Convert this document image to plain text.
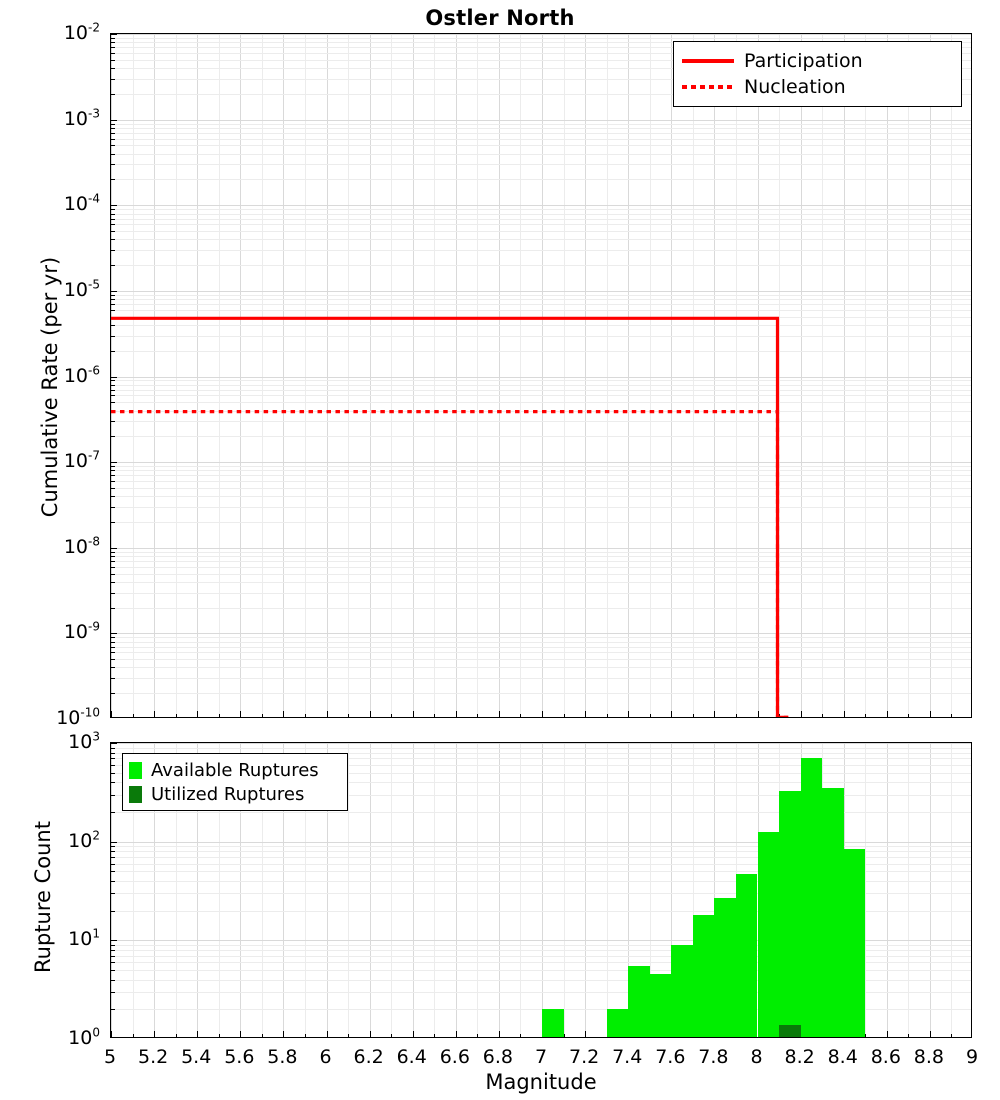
Ostler North
$10^{-2}$
$10^{-3}$
$10^{-4}$
$10^{-5}$
$10^{-6}$
$10^{-7}$
$10^{-8}$
$10^{-9}$
$10^{-10}$
Cumulative Rate (per yr)
Participation
Nucleation
$10^3$
$10^2$
$10^1$
$10^0$
5 5.2 5.4 5.6 5.8 6 6.2 6.4 6.6 6.8 7 7.2 7.4 7.6 7.8 8 8.2 8.4 8.6 8.8 9
Rupture Count
Magnitude
Available Ruptures
Utilized Ruptures
